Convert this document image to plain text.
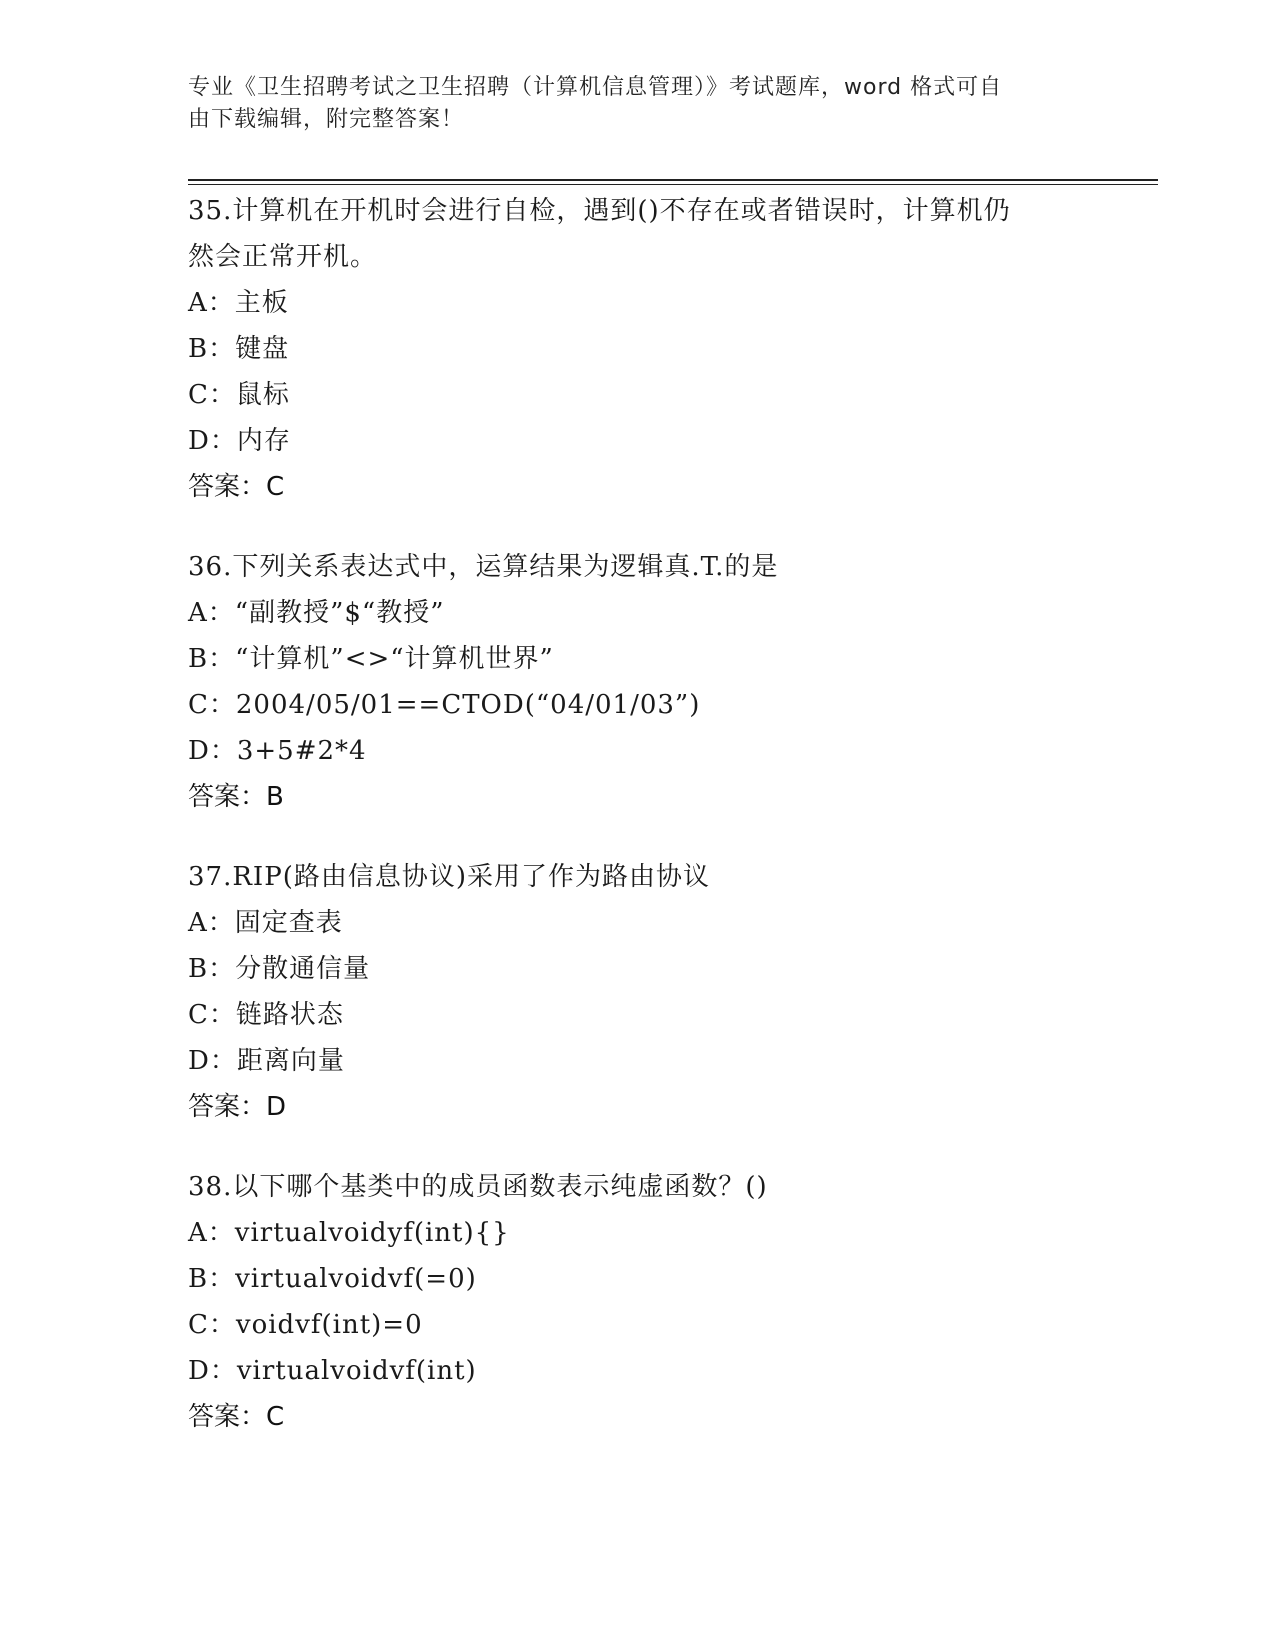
专业《卫生招聘考试之卫生招聘（计算机信息管理）》考试题库，word 格式可自
由下载编辑，附完整答案！
35.计算机在开机时会进行自检，遇到()不存在或者错误时，计算机仍
然会正常开机。
A：主板
B：键盘
C：鼠标
D：内存
答案：C
36.下列关系表达式中，运算结果为逻辑真.T.的是
A：“副教授”$“教授”
B：“计算机”<>“计算机世界”
C：2004/05/01==CTOD(“04/01/03”)
D：3+5#2*4
答案：B
37.RIP(路由信息协议)采用了作为路由协议
A：固定查表
B：分散通信量
C：链路状态
D：距离向量
答案：D
38.以下哪个基类中的成员函数表示纯虚函数？()
A：virtualvoidyf(int){}
B：virtualvoidvf(=0)
C：voidvf(int)=0
D：virtualvoidvf(int)
答案：C
